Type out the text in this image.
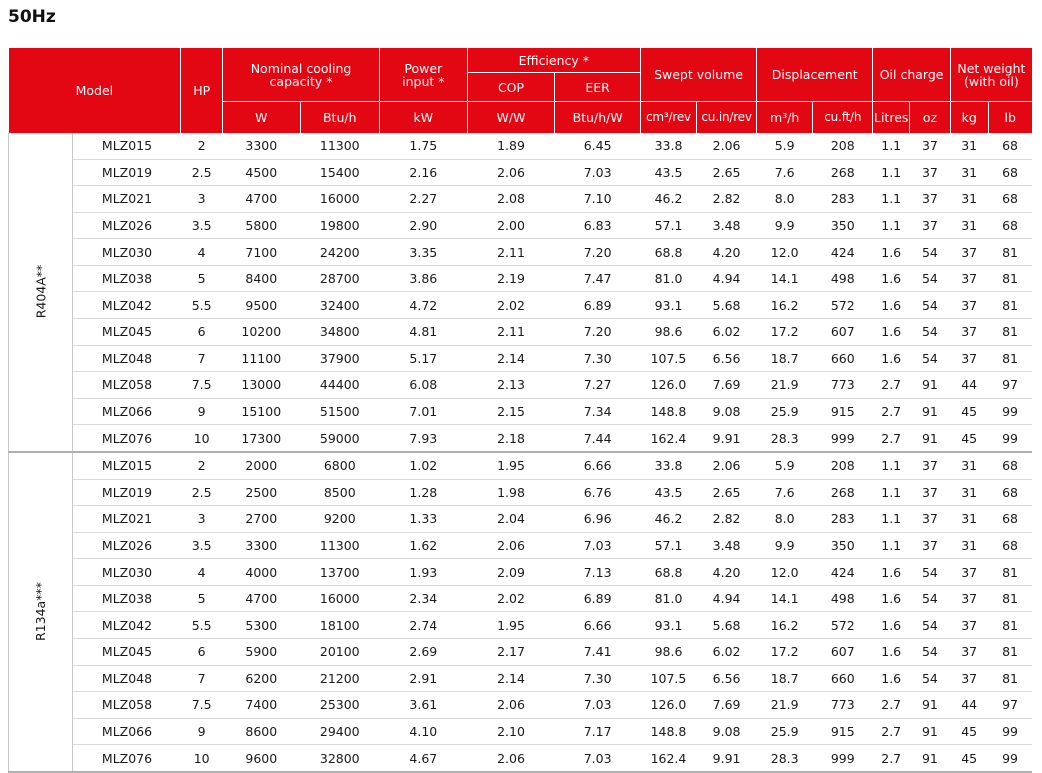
50Hz
Model		HP	Nominal cooling capacity *		Power input *	Efficiency *		Swept volume		Displacement		Oil charge		Net weight (with oil)	
						COP	EER								
			W	Btu/h	kW	W/W	Btu/h/W	cm³/rev	cu.in/rev	m³/h	cu.ft/h	Litres	oz	kg	lb
R404A**	MLZ015	2	3300	11300	1.75	1.89	6.45	33.8	2.06	5.9	208	1.1	37	31	68
	MLZ019	2.5	4500	15400	2.16	2.06	7.03	43.5	2.65	7.6	268	1.1	37	31	68
	MLZ021	3	4700	16000	2.27	2.08	7.10	46.2	2.82	8.0	283	1.1	37	31	68
	MLZ026	3.5	5800	19800	2.90	2.00	6.83	57.1	3.48	9.9	350	1.1	37	31	68
	MLZ030	4	7100	24200	3.35	2.11	7.20	68.8	4.20	12.0	424	1.6	54	37	81
	MLZ038	5	8400	28700	3.86	2.19	7.47	81.0	4.94	14.1	498	1.6	54	37	81
	MLZ042	5.5	9500	32400	4.72	2.02	6.89	93.1	5.68	16.2	572	1.6	54	37	81
	MLZ045	6	10200	34800	4.81	2.11	7.20	98.6	6.02	17.2	607	1.6	54	37	81
	MLZ048	7	11100	37900	5.17	2.14	7.30	107.5	6.56	18.7	660	1.6	54	37	81
	MLZ058	7.5	13000	44400	6.08	2.13	7.27	126.0	7.69	21.9	773	2.7	91	44	97
	MLZ066	9	15100	51500	7.01	2.15	7.34	148.8	9.08	25.9	915	2.7	91	45	99
	MLZ076	10	17300	59000	7.93	2.18	7.44	162.4	9.91	28.3	999	2.7	91	45	99
R134a***	MLZ015	2	2000	6800	1.02	1.95	6.66	33.8	2.06	5.9	208	1.1	37	31	68
	MLZ019	2.5	2500	8500	1.28	1.98	6.76	43.5	2.65	7.6	268	1.1	37	31	68
	MLZ021	3	2700	9200	1.33	2.04	6.96	46.2	2.82	8.0	283	1.1	37	31	68
	MLZ026	3.5	3300	11300	1.62	2.06	7.03	57.1	3.48	9.9	350	1.1	37	31	68
	MLZ030	4	4000	13700	1.93	2.09	7.13	68.8	4.20	12.0	424	1.6	54	37	81
	MLZ038	5	4700	16000	2.34	2.02	6.89	81.0	4.94	14.1	498	1.6	54	37	81
	MLZ042	5.5	5300	18100	2.74	1.95	6.66	93.1	5.68	16.2	572	1.6	54	37	81
	MLZ045	6	5900	20100	2.69	2.17	7.41	98.6	6.02	17.2	607	1.6	54	37	81
	MLZ048	7	6200	21200	2.91	2.14	7.30	107.5	6.56	18.7	660	1.6	54	37	81
	MLZ058	7.5	7400	25300	3.61	2.06	7.03	126.0	7.69	21.9	773	2.7	91	44	97
	MLZ066	9	8600	29400	4.10	2.10	7.17	148.8	9.08	25.9	915	2.7	91	45	99
	MLZ076	10	9600	32800	4.67	2.06	7.03	162.4	9.91	28.3	999	2.7	91	45	99
